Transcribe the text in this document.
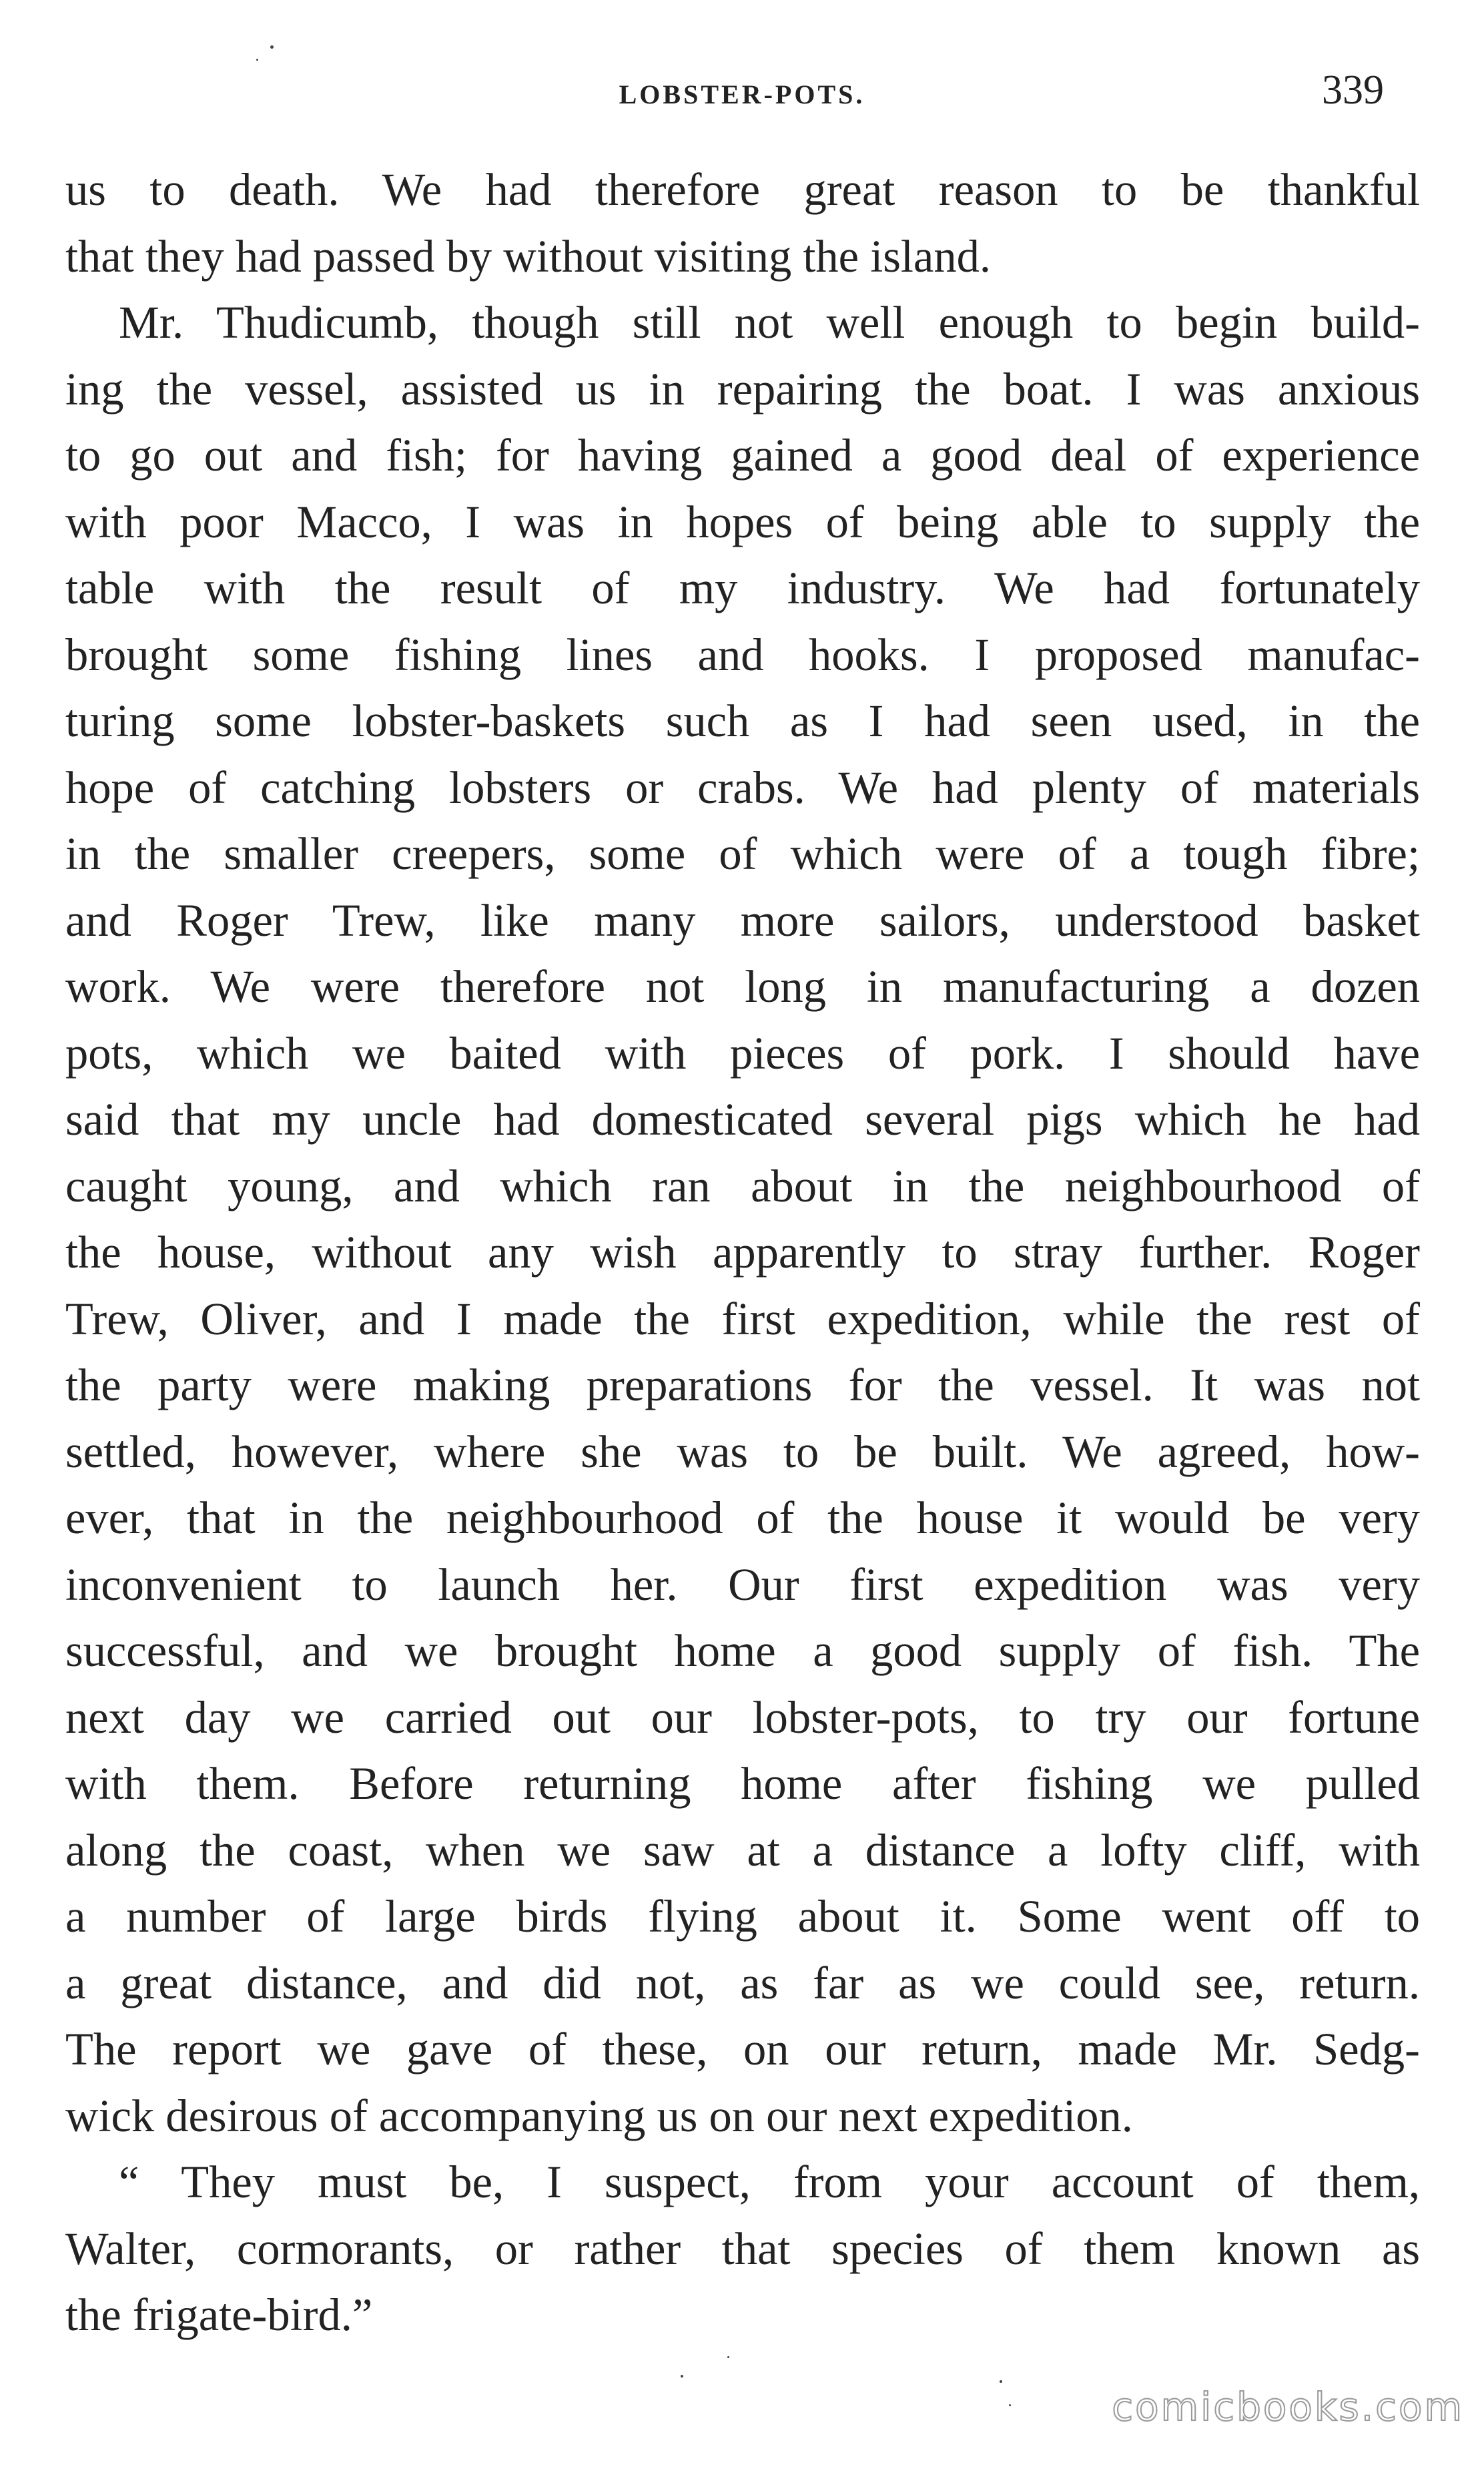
LOBSTER-POTS.	339
us to death. We had therefore great reason to be thankful
that they had passed by without visiting the island.
Mr. Thudicumb, though still not well enough to begin build-
ing the vessel, assisted us in repairing the boat. I was anxious
to go out and fish; for having gained a good deal of experience
with poor Macco, I was in hopes of being able to supply the
table with the result of my industry. We had fortunately
brought some fishing lines and hooks. I proposed manufac-
turing some lobster-baskets such as I had seen used, in the
hope of catching lobsters or crabs. We had plenty of materials
in the smaller creepers, some of which were of a tough fibre;
and Roger Trew, like many more sailors, understood basket
work. We were therefore not long in manufacturing a dozen
pots, which we baited with pieces of pork. I should have
said that my uncle had domesticated several pigs which he had
caught young, and which ran about in the neighbourhood of
the house, without any wish apparently to stray further. Roger
Trew, Oliver, and I made the first expedition, while the rest of
the party were making preparations for the vessel. It was not
settled, however, where she was to be built. We agreed, how-
ever, that in the neighbourhood of the house it would be very
inconvenient to launch her. Our first expedition was very
successful, and we brought home a good supply of fish. The
next day we carried out our lobster-pots, to try our fortune
with them. Before returning home after fishing we pulled
along the coast, when we saw at a distance a lofty cliff, with
a number of large birds flying about it. Some went off to
a great distance, and did not, as far as we could see, return.
The report we gave of these, on our return, made Mr. Sedg-
wick desirous of accompanying us on our next expedition.
“ They must be, I suspect, from your account of them,
Walter, cormorants, or rather that species of them known as
the frigate-bird.”
comicbooks.com
